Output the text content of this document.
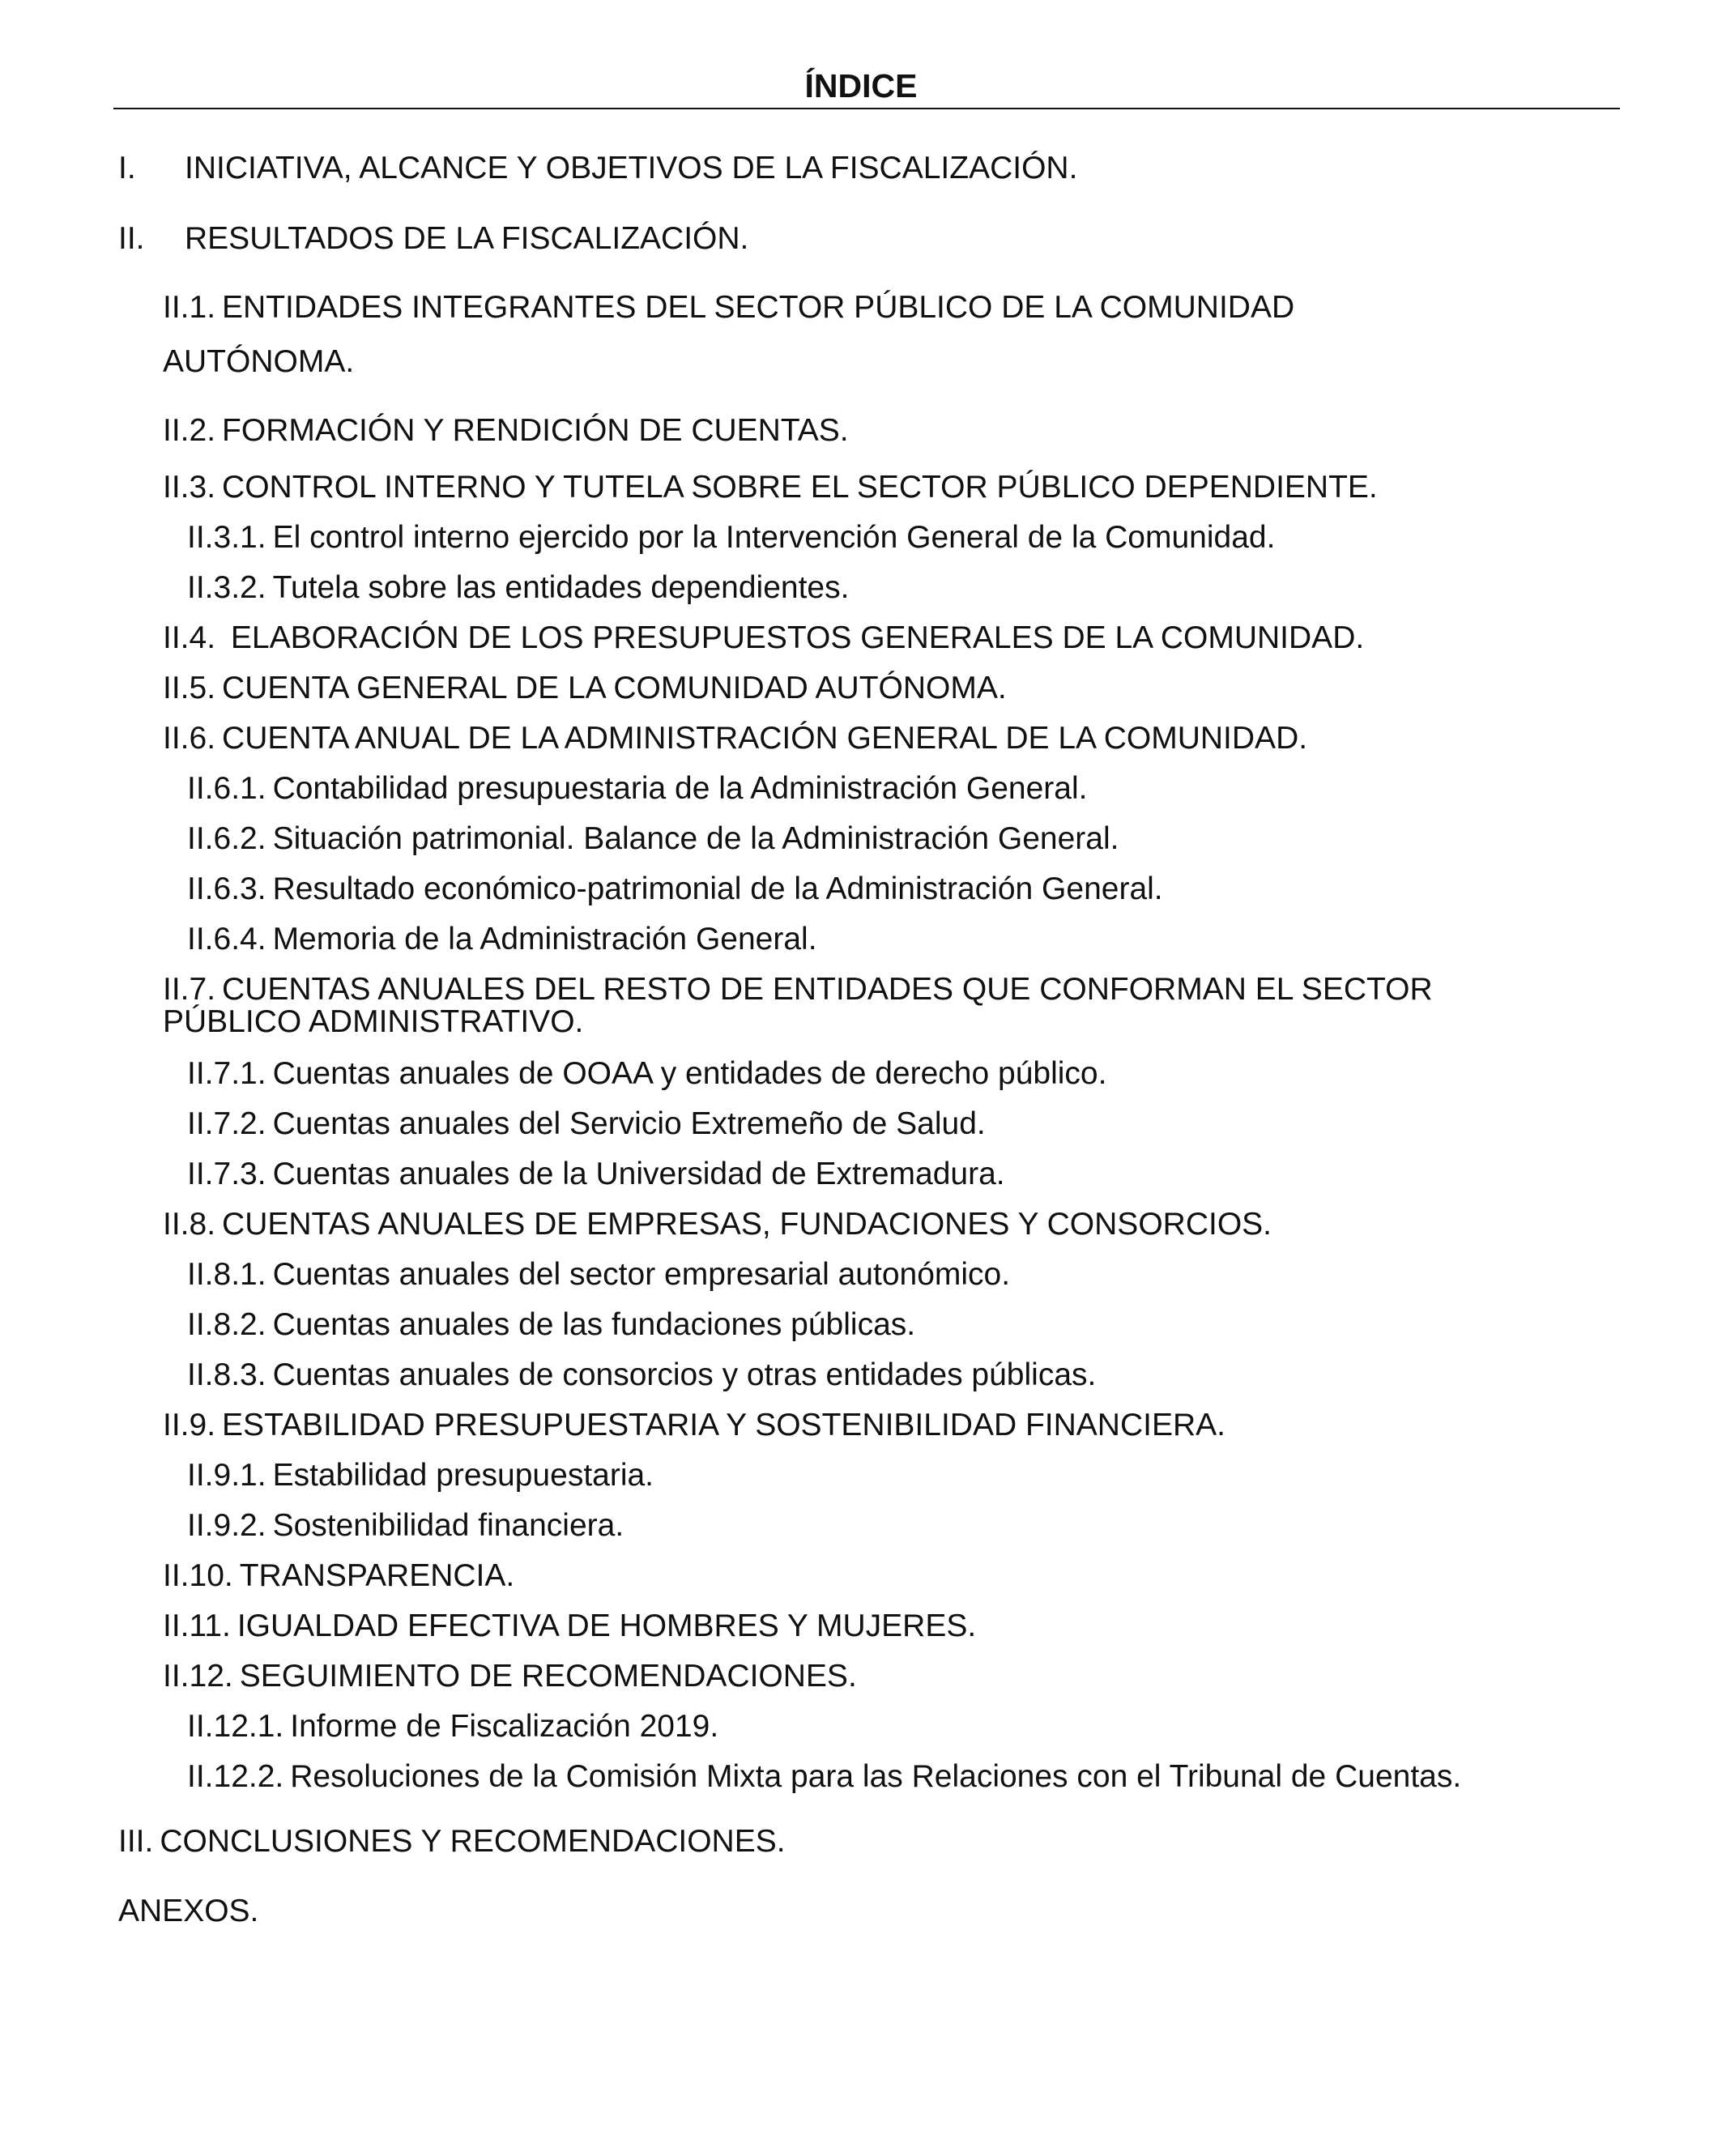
ÍNDICE
I. INICIATIVA, ALCANCE Y OBJETIVOS DE LA FISCALIZACIÓN.
II. RESULTADOS DE LA FISCALIZACIÓN.
II.1. ENTIDADES INTEGRANTES DEL SECTOR PÚBLICO DE LA COMUNIDAD
AUTÓNOMA.
II.2. FORMACIÓN Y RENDICIÓN DE CUENTAS.
II.3. CONTROL INTERNO Y TUTELA SOBRE EL SECTOR PÚBLICO DEPENDIENTE.
II.3.1. El control interno ejercido por la Intervención General de la Comunidad.
II.3.2. Tutela sobre las entidades dependientes.
II.4. ELABORACIÓN DE LOS PRESUPUESTOS GENERALES DE LA COMUNIDAD.
II.5. CUENTA GENERAL DE LA COMUNIDAD AUTÓNOMA.
II.6. CUENTA ANUAL DE LA ADMINISTRACIÓN GENERAL DE LA COMUNIDAD.
II.6.1. Contabilidad presupuestaria de la Administración General.
II.6.2. Situación patrimonial. Balance de la Administración General.
II.6.3. Resultado económico-patrimonial de la Administración General.
II.6.4. Memoria de la Administración General.
II.7. CUENTAS ANUALES DEL RESTO DE ENTIDADES QUE CONFORMAN EL SECTOR
PÚBLICO ADMINISTRATIVO.
II.7.1. Cuentas anuales de OOAA y entidades de derecho público.
II.7.2. Cuentas anuales del Servicio Extremeño de Salud.
II.7.3. Cuentas anuales de la Universidad de Extremadura.
II.8. CUENTAS ANUALES DE EMPRESAS, FUNDACIONES Y CONSORCIOS.
II.8.1. Cuentas anuales del sector empresarial autonómico.
II.8.2. Cuentas anuales de las fundaciones públicas.
II.8.3. Cuentas anuales de consorcios y otras entidades públicas.
II.9. ESTABILIDAD PRESUPUESTARIA Y SOSTENIBILIDAD FINANCIERA.
II.9.1. Estabilidad presupuestaria.
II.9.2. Sostenibilidad financiera.
II.10. TRANSPARENCIA.
II.11. IGUALDAD EFECTIVA DE HOMBRES Y MUJERES.
II.12. SEGUIMIENTO DE RECOMENDACIONES.
II.12.1. Informe de Fiscalización 2019.
II.12.2. Resoluciones de la Comisión Mixta para las Relaciones con el Tribunal de Cuentas.
III. CONCLUSIONES Y RECOMENDACIONES.
ANEXOS.
